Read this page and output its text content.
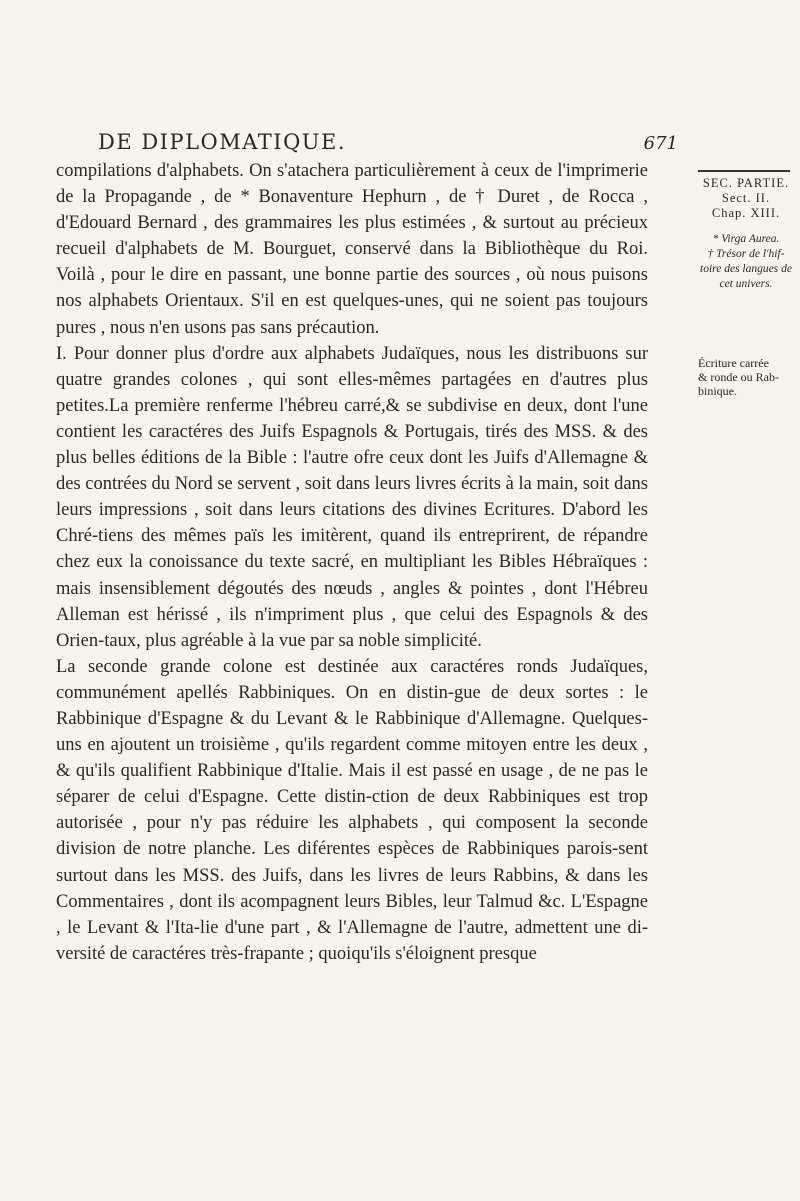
DE DIPLOMATIQUE.	671

compilations d'alphabets. On s'atachera particulièrement à ceux de l'imprimerie de la Propagande , de * Bonaventure Hephurn , de † Duret , de Rocca , d'Edouard Bernard , des grammaires les plus estimées , & surtout au précieux recueil d'alphabets de M. Bourguet, conservé dans la Bibliothèque du Roi. Voilà , pour le dire en passant, une bonne partie des sources , où nous puisons nos alphabets Orientaux. S'il en est quelques-unes, qui ne soient pas toujours pures , nous n'en usons pas sans précaution.

I. Pour donner plus d'ordre aux alphabets Judaïques, nous les distribuons sur quatre grandes colones , qui sont elles-mêmes partagées en d'autres plus petites.La première renferme l'hébreu carré,& se subdivise en deux, dont l'une contient les caractéres des Juifs Espagnols & Portugais, tirés des MSS. & des plus belles éditions de la Bible : l'autre ofre ceux dont les Juifs d'Allemagne & des contrées du Nord se servent , soit dans leurs livres écrits à la main, soit dans leurs impressions , soit dans leurs citations des divines Ecritures. D'abord les Chré-tiens des mêmes païs les imitèrent, quand ils entreprirent, de répandre chez eux la conoissance du texte sacré, en multipliant les Bibles Hébraïques : mais insensiblement dégoutés des nœuds , angles & pointes , dont l'Hébreu Alleman est hérissé , ils n'impriment plus , que celui des Espagnols & des Orien-taux, plus agréable à la vue par sa noble simplicité.

La seconde grande colone est destinée aux caractéres ronds Judaïques, communément apellés Rabbiniques. On en distin-gue de deux sortes : le Rabbinique d'Espagne & du Levant & le Rabbinique d'Allemagne. Quelques-uns en ajoutent un troisième , qu'ils regardent comme mitoyen entre les deux , & qu'ils qualifient Rabbinique d'Italie. Mais il est passé en usage , de ne pas le séparer de celui d'Espagne. Cette distin-ction de deux Rabbiniques est trop autorisée , pour n'y pas réduire les alphabets , qui composent la seconde division de notre planche. Les diférentes espèces de Rabbiniques parois-sent surtout dans les MSS. des Juifs, dans les livres de leurs Rabbins, & dans les Commentaires , dont ils acompagnent leurs Bibles, leur Talmud &c. L'Espagne , le Levant & l'Ita-lie d'une part , & l'Allemagne de l'autre, admettent une di-versité de caractéres très-frapante ; quoiqu'ils s'éloignent presque

SEC. PARTIE.
Sect. II.
Chap. XIII.
* Virga Aurea.
† Trésor de l'hif-
toire des langues de
cet univers.
Écriture carrée
& ronde ou Rab-
binique.
